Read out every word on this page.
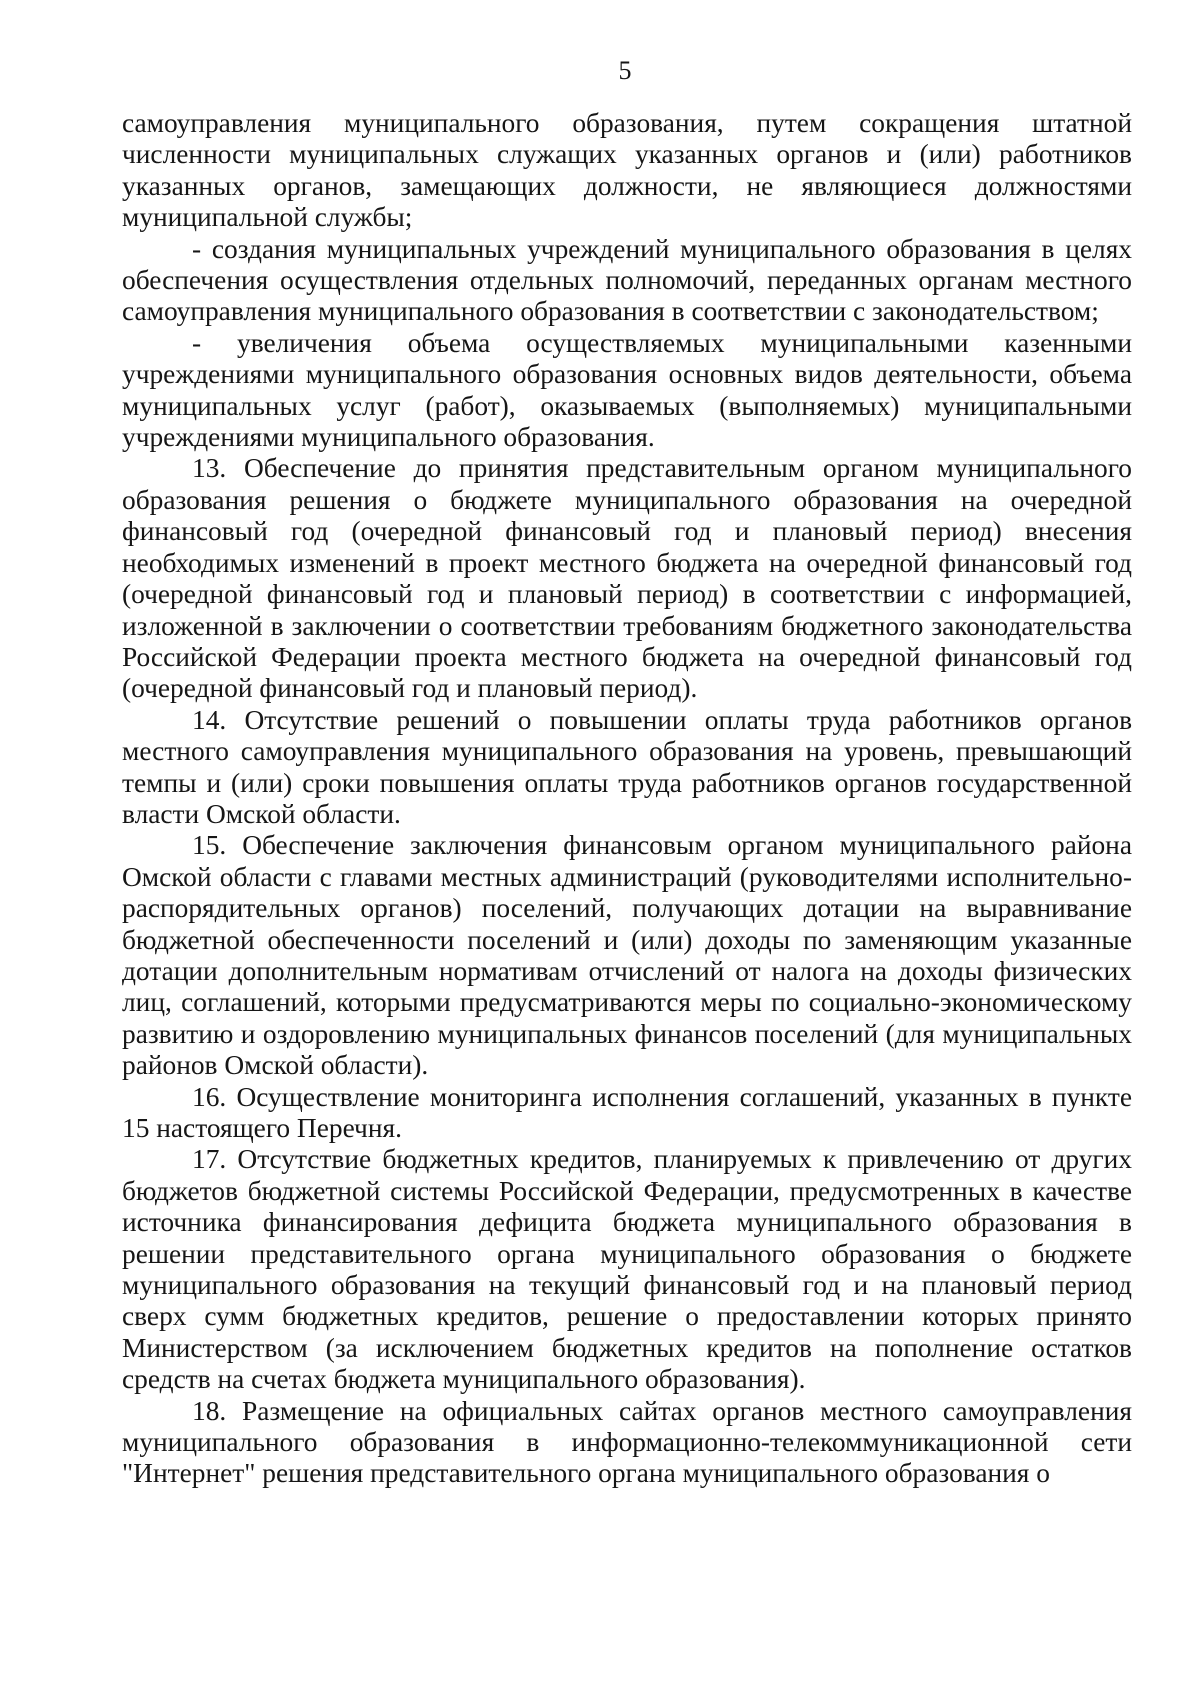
5

самоуправления муниципального образования, путем сокращения штатной численности муниципальных служащих указанных органов и (или) работников указанных органов, замещающих должности, не являющиеся должностями муниципальной службы;

- создания муниципальных учреждений муниципального образования в целях обеспечения осуществления отдельных полномочий, переданных органам местного самоуправления муниципального образования в соответствии с законодательством;

- увеличения объема осуществляемых муниципальными казенными учреждениями муниципального образования основных видов деятельности, объема муниципальных услуг (работ), оказываемых (выполняемых) муниципальными учреждениями муниципального образования.

13. Обеспечение до принятия представительным органом муниципального образования решения о бюджете муниципального образования на очередной финансовый год (очередной финансовый год и плановый период) внесения необходимых изменений в проект местного бюджета на очередной финансовый год (очередной финансовый год и плановый период) в соответствии с информацией, изложенной в заключении о соответствии требованиям бюджетного законодательства Российской Федерации проекта местного бюджета на очередной финансовый год (очередной финансовый год и плановый период).

14. Отсутствие решений о повышении оплаты труда работников органов местного самоуправления муниципального образования на уровень, превышающий темпы и (или) сроки повышения оплаты труда работников органов государственной власти Омской области.

15. Обеспечение заключения финансовым органом муниципального района Омской области с главами местных администраций (руководителями исполнительно-распорядительных органов) поселений, получающих дотации на выравнивание бюджетной обеспеченности поселений и (или) доходы по заменяющим указанные дотации дополнительным нормативам отчислений от налога на доходы физических лиц, соглашений, которыми предусматриваются меры по социально-экономическому развитию и оздоровлению муниципальных финансов поселений (для муниципальных районов Омской области).

16. Осуществление мониторинга исполнения соглашений, указанных в пункте 15 настоящего Перечня.

17. Отсутствие бюджетных кредитов, планируемых к привлечению от других бюджетов бюджетной системы Российской Федерации, предусмотренных в качестве источника финансирования дефицита бюджета муниципального образования в решении представительного органа муниципального образования о бюджете муниципального образования на текущий финансовый год и на плановый период сверх сумм бюджетных кредитов, решение о предоставлении которых принято Министерством (за исключением бюджетных кредитов на пополнение остатков средств на счетах бюджета муниципального образования).

18. Размещение на официальных сайтах органов местного самоуправления муниципального образования в информационно-телекоммуникационной сети "Интернет" решения представительного органа муниципального образования о
